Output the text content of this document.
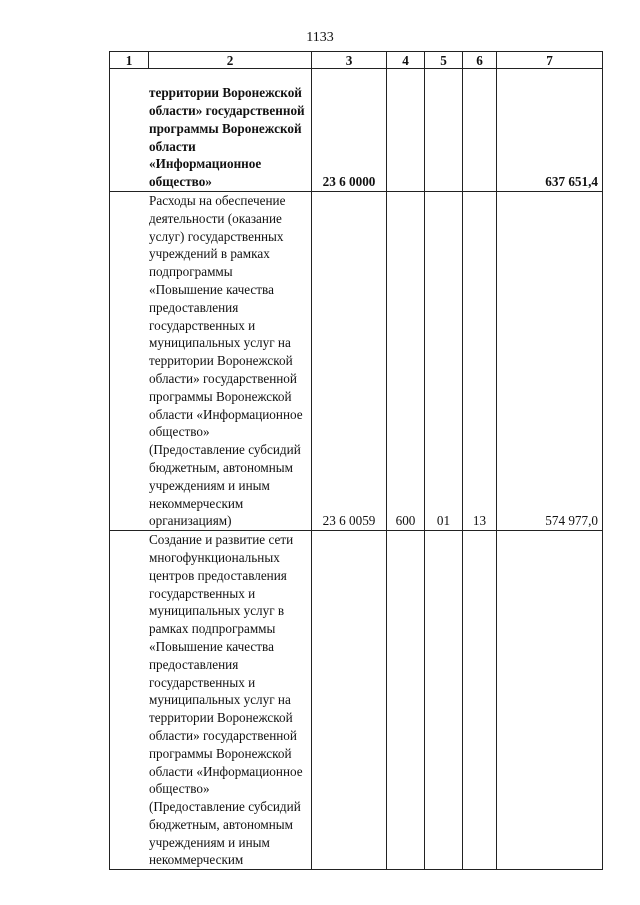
1133
1	2	3	4	5	6	7
территории Воронежской области» государственной программы Воронежской области «Информационное общество»		23 6 0000				637 651,4
Расходы на обеспечение деятельности (оказание услуг) государственных учреждений в рамках подпрограммы «Повышение качества предоставления государственных и муниципальных услуг на территории Воронежской области» государственной программы Воронежской области «Информационное общество» (Предоставление субсидий бюджетным, автономным учреждениям и иным некоммерческим организациям)		23 6 0059	600	01	13	574 977,0
Создание и развитие сети многофункциональных центров предоставления государственных и муниципальных услуг в рамках подпрограммы «Повышение качества предоставления государственных и муниципальных услуг на территории Воронежской области» государственной программы Воронежской области «Информационное общество» (Предоставление субсидий бюджетным, автономным учреждениям и иным некоммерческим						
